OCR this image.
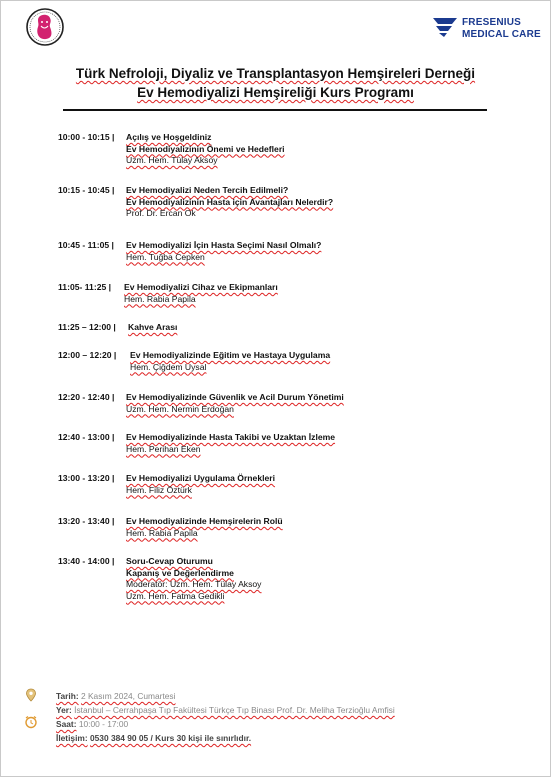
FRESENIUS
MEDICAL CARE
Türk Nefroloji, Diyaliz ve Transplantasyon Hemşireleri Derneği
Ev Hemodiyalizi Hemşireliği Kurs Programı
10:00 - 10:15 | Açılış ve Hoşgeldiniz
Ev Hemodiyalizinin Önemi ve Hedefleri
Uzm. Hem. Tülay Aksoy
10:15 - 10:45 | Ev Hemodiyalizi Neden Tercih Edilmeli?
Ev Hemodiyalizinin Hasta için Avantajları Nelerdir?
Prof. Dr. Ercan Ok
10:45 - 11:05 | Ev Hemodiyalizi İçin Hasta Seçimi Nasıl Olmalı?
Hem. Tuğba Cepken
11:05- 11:25 | Ev Hemodiyalizi Cihaz ve Ekipmanları
Hem. Rabia Papila
11:25 – 12:00 | Kahve Arası
12:00 – 12:20 | Ev Hemodiyalizinde Eğitim ve Hastaya Uygulama
Hem. Çiğdem Uysal
12:20 - 12:40 | Ev Hemodiyalizinde Güvenlik ve Acil Durum Yönetimi
Uzm. Hem. Nermin Erdoğan
12:40 - 13:00 | Ev Hemodiyalizinde Hasta Takibi ve Uzaktan İzleme
Hem. Perihan Eken
13:00 - 13:20 | Ev Hemodiyalizi Uygulama Örnekleri
Hem. Filiz Öztürk
13:20 - 13:40 | Ev Hemodiyalizinde Hemşirelerin Rolü
Hem. Rabia Papila
13:40 - 14:00 | Soru-Cevap Oturumu
Kapanış ve Değerlendirme
Moderatör: Uzm. Hem. Tülay Aksoy
Uzm. Hem. Fatma Gedikli
Tarih: 2 Kasım 2024, Cumartesi
Yer: İstanbul – Cerrahpaşa Tıp Fakültesi Türkçe Tıp Binası Prof. Dr. Meliha Terzioğlu Amfisi
Saat: 10:00 - 17:00
İletişim: 0530 384 90 05 / Kurs 30 kişi ile sınırlıdır.
